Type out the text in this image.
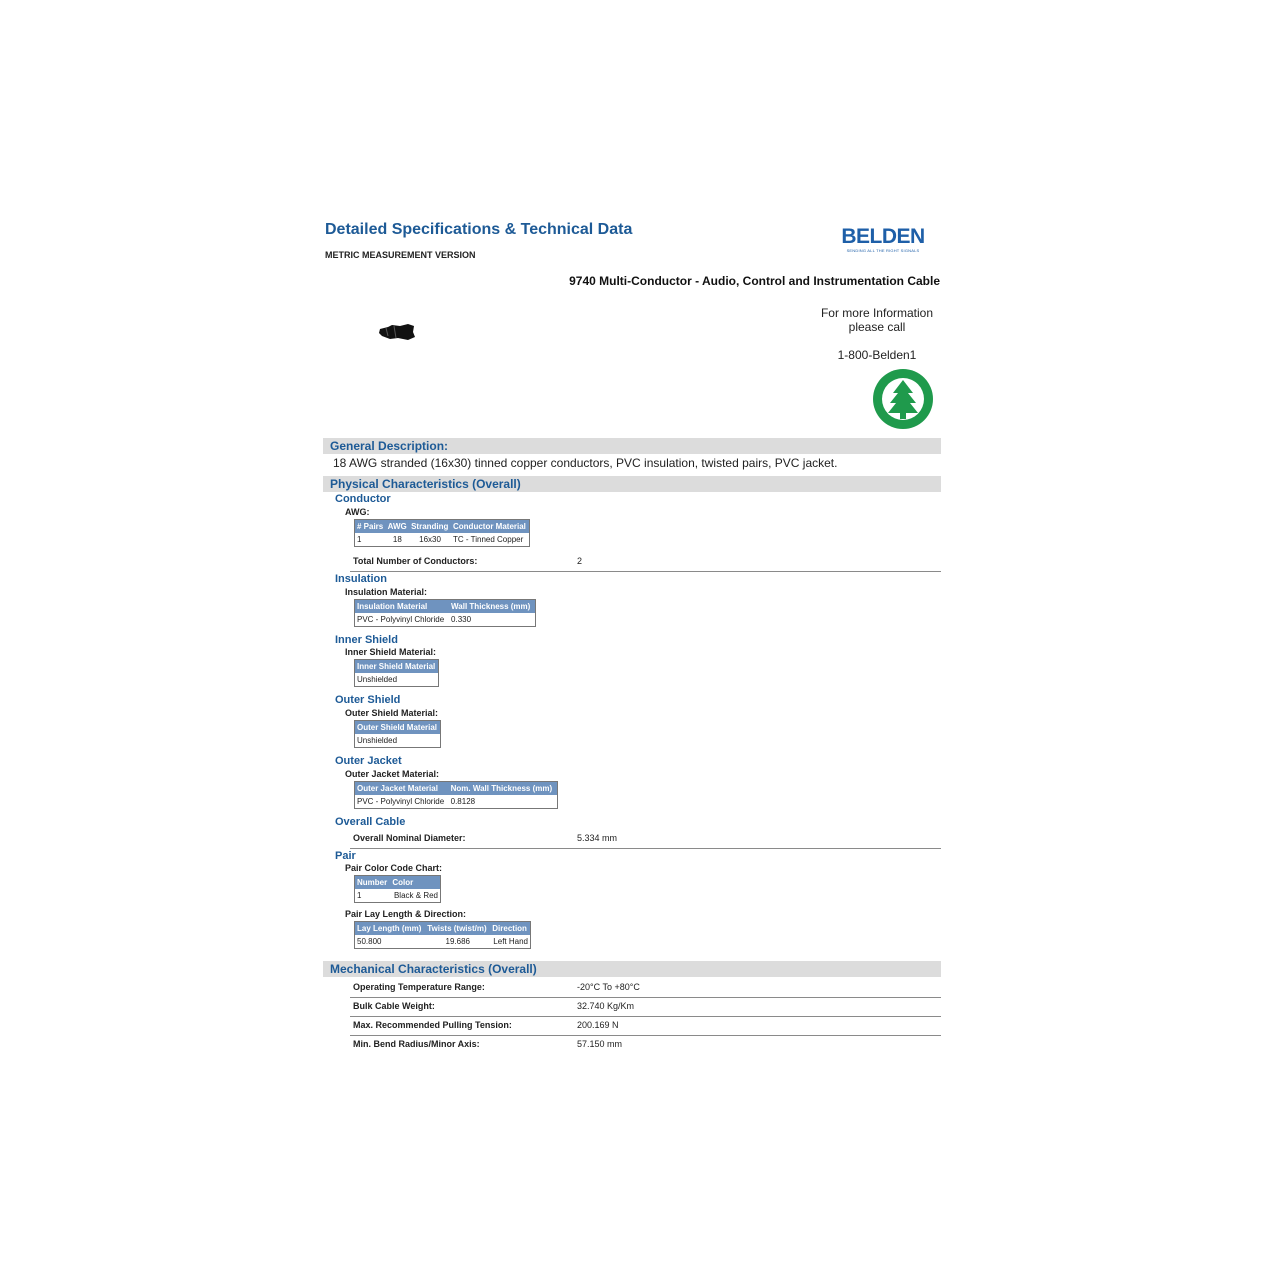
Detailed Specifications & Technical Data
METRIC MEASUREMENT VERSION
BELDEN
SENDING ALL THE RIGHT SIGNALS
9740 Multi-Conductor - Audio, Control and Instrumentation Cable
For more Information
please call
1-800-Belden1
General Description:
18 AWG stranded (16x30) tinned copper conductors, PVC insulation, twisted pairs, PVC jacket.
Physical Characteristics (Overall)
Conductor
AWG:
# Pairs	AWG	Stranding	Conductor Material
1	18	16x30	TC - Tinned Copper
Total Number of Conductors:	2
Insulation
Insulation Material:
Insulation Material	Wall Thickness (mm)
PVC - Polyvinyl Chloride	0.330
Inner Shield
Inner Shield Material:
Inner Shield Material
Unshielded
Outer Shield
Outer Shield Material:
Outer Shield Material
Unshielded
Outer Jacket
Outer Jacket Material:
Outer Jacket Material	Nom. Wall Thickness (mm)
PVC - Polyvinyl Chloride	0.8128
Overall Cable
Overall Nominal Diameter:	5.334 mm
Pair
Pair Color Code Chart:
Number	Color
1	Black & Red
Pair Lay Length & Direction:
Lay Length (mm)	Twists (twist/m)	Direction
50.800	19.686	Left Hand
Mechanical Characteristics (Overall)
Operating Temperature Range:	-20°C To +80°C
Bulk Cable Weight:	32.740 Kg/Km
Max. Recommended Pulling Tension:	200.169 N
Min. Bend Radius/Minor Axis:	57.150 mm
